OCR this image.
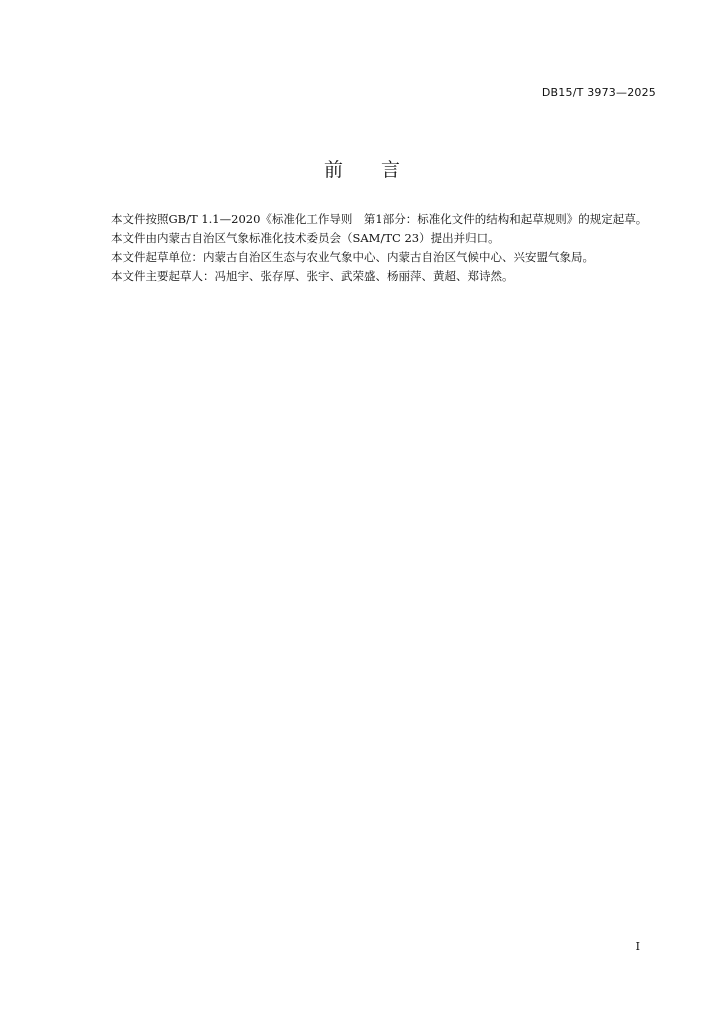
DB15/T 3973—2025
前 言

本文件按照GB/T 1.1—2020《标准化工作导则　第1部分：标准化文件的结构和起草规则》的规定起草。

本文件由内蒙古自治区气象标准化技术委员会（SAM/TC 23）提出并归口。

本文件起草单位：内蒙古自治区生态与农业气象中心、内蒙古自治区气候中心、兴安盟气象局。

本文件主要起草人：冯旭宇、张存厚、张宇、武荣盛、杨丽萍、黄超、郑诗然。

I
